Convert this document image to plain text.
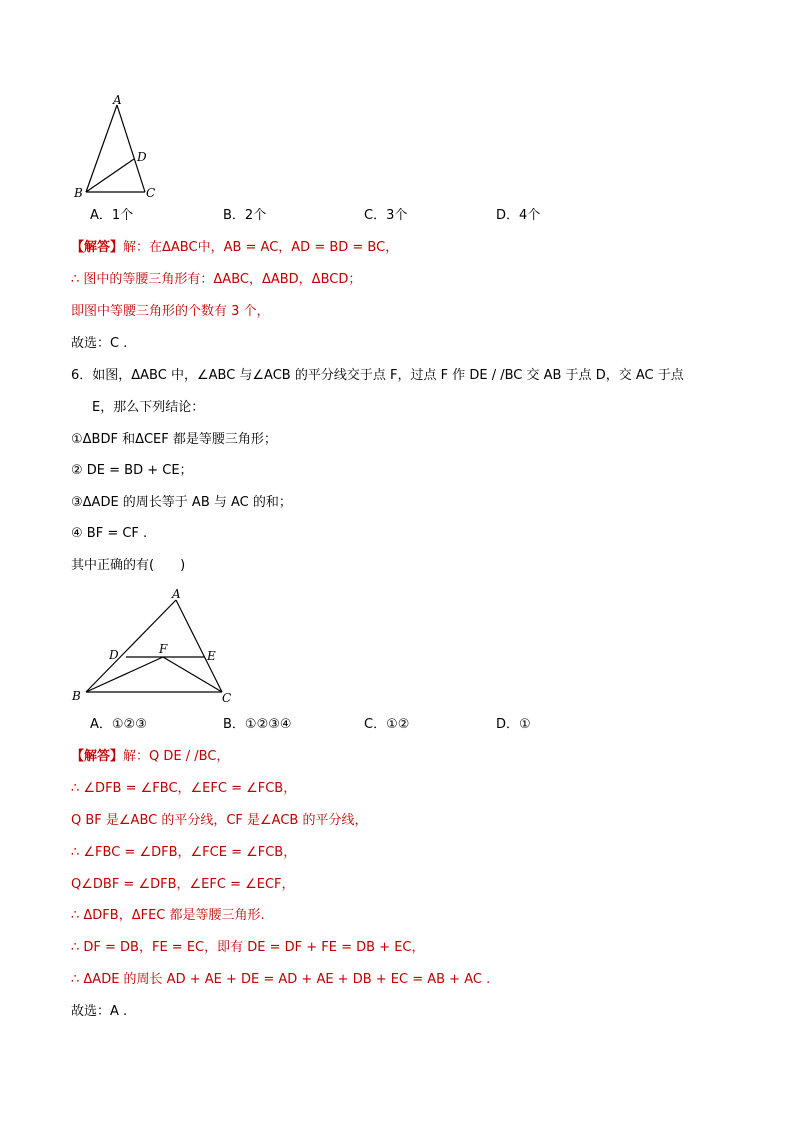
A
B	C
D
A．1个	B．2个	C．3个	D．4个
【解答】解：在ΔABC中，AB = AC，AD = BD = BC，
∴ 图中的等腰三角形有：ΔABC，ΔABD，ΔBCD；
即图中等腰三角形的个数有 3 个，
故选：C .
6．如图，ΔABC 中，∠ABC 与∠ACB 的平分线交于点 F，过点 F 作 DE / /BC 交 AB 于点 D，交 AC 于点
E，那么下列结论：
①ΔBDF 和ΔCEF 都是等腰三角形；
② DE = BD + CE；
③ΔADE 的周长等于 AB 与 AC 的和；
④ BF = CF .
其中正确的有(　　)
A
B	C
D	E
F
A．①②③	B．①②③④	C．①②	D．①
【解答】解：Q DE / /BC，
∴ ∠DFB = ∠FBC，∠EFC = ∠FCB，
Q BF 是∠ABC 的平分线，CF 是∠ACB 的平分线，
∴ ∠FBC = ∠DFB，∠FCE = ∠FCB，
Q∠DBF = ∠DFB，∠EFC = ∠ECF，
∴ ΔDFB，ΔFEC 都是等腰三角形.
∴ DF = DB，FE = EC，即有 DE = DF + FE = DB + EC，
∴ ΔADE 的周长 AD + AE + DE = AD + AE + DB + EC = AB + AC .
故选：A .
